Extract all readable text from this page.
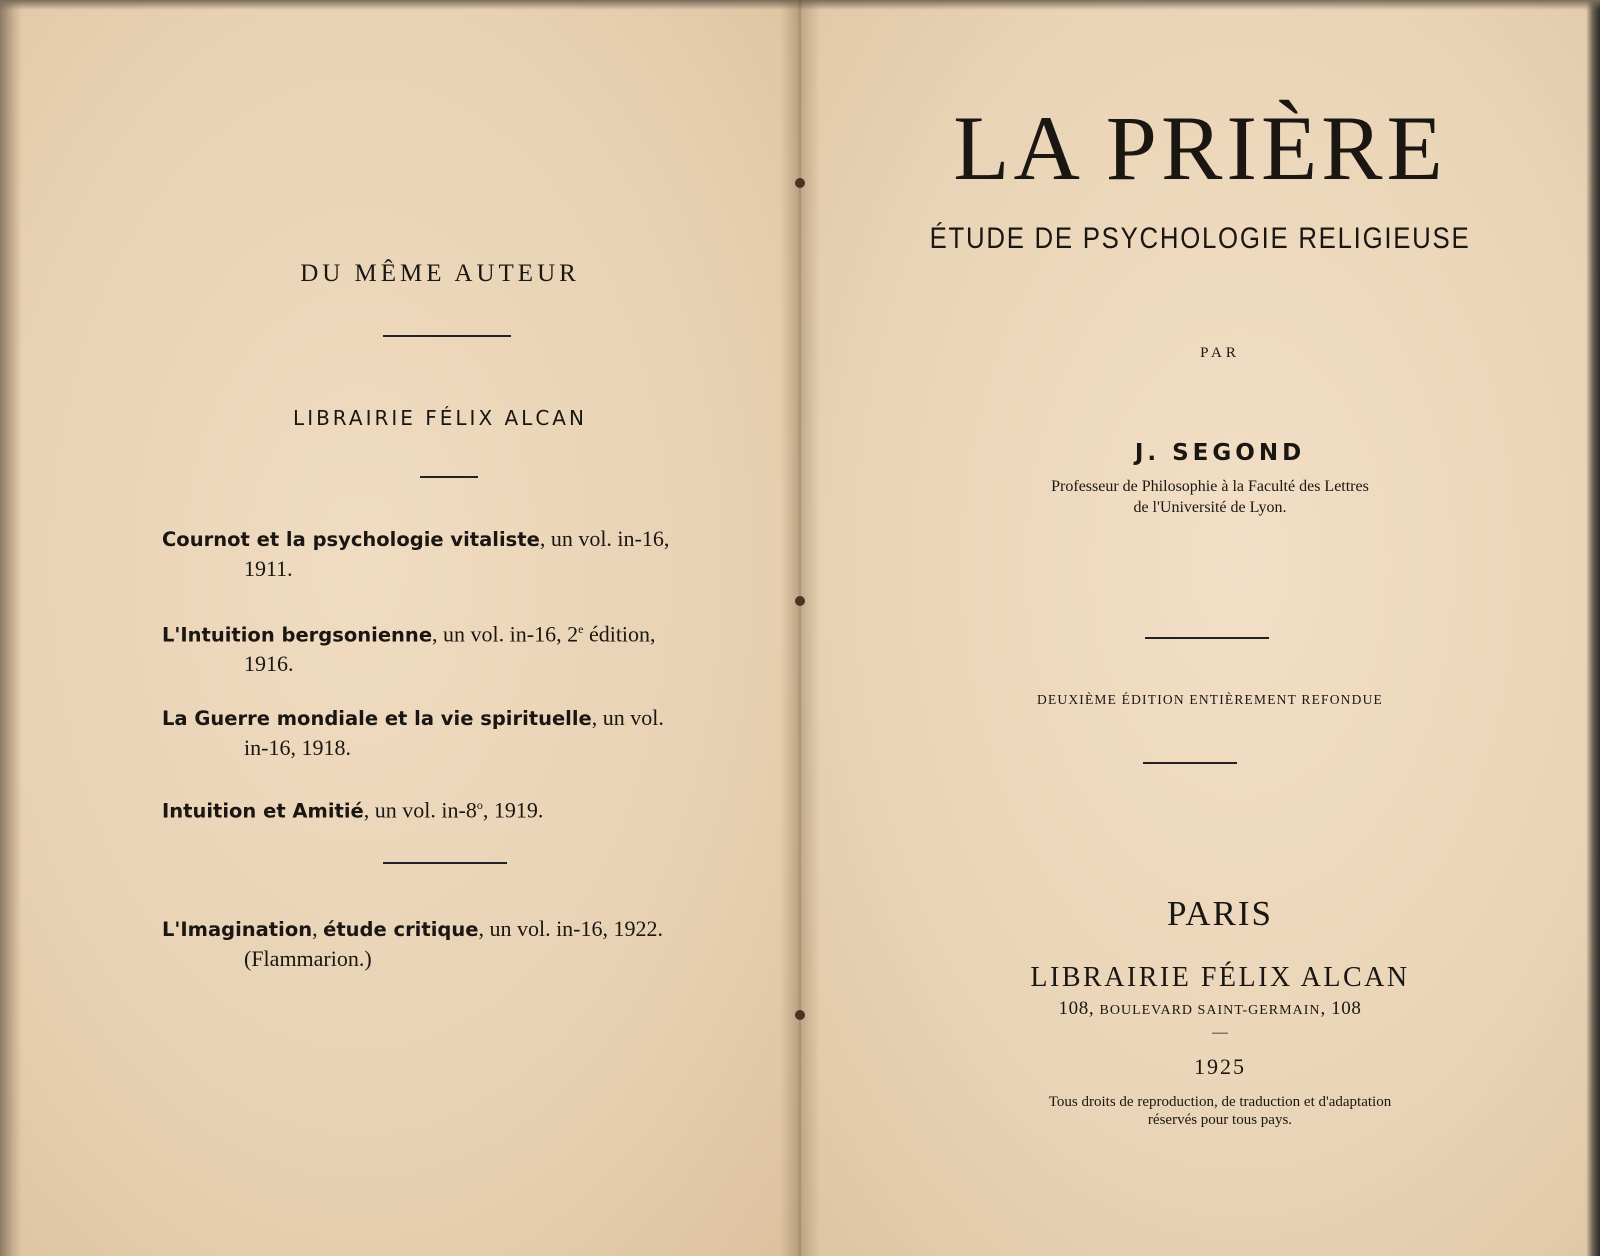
DU MÊME AUTEUR
LIBRAIRIE FÉLIX ALCAN
Cournot et la psychologie vitaliste, un vol. in-16,
1911.
L'Intuition bergsonienne, un vol. in-16, 2e édition,
1916.
La Guerre mondiale et la vie spirituelle, un vol.
in-16, 1918.
Intuition et Amitié, un vol. in-8$^o$, 1919.
L'Imagination, étude critique, un vol. in-16, 1922.
(Flammarion.)
LA PRIÈRE
ÉTUDE DE PSYCHOLOGIE RELIGIEUSE
PAR
J. SEGOND
Professeur de Philosophie à la Faculté des Lettres
de l'Université de Lyon.
DEUXIÈME ÉDITION ENTIÈREMENT REFONDUE
PARIS
LIBRAIRIE FÉLIX ALCAN
108, BOULEVARD SAINT-GERMAIN, 108
—
1925
Tous droits de reproduction, de traduction et d'adaptation
réservés pour tous pays.
